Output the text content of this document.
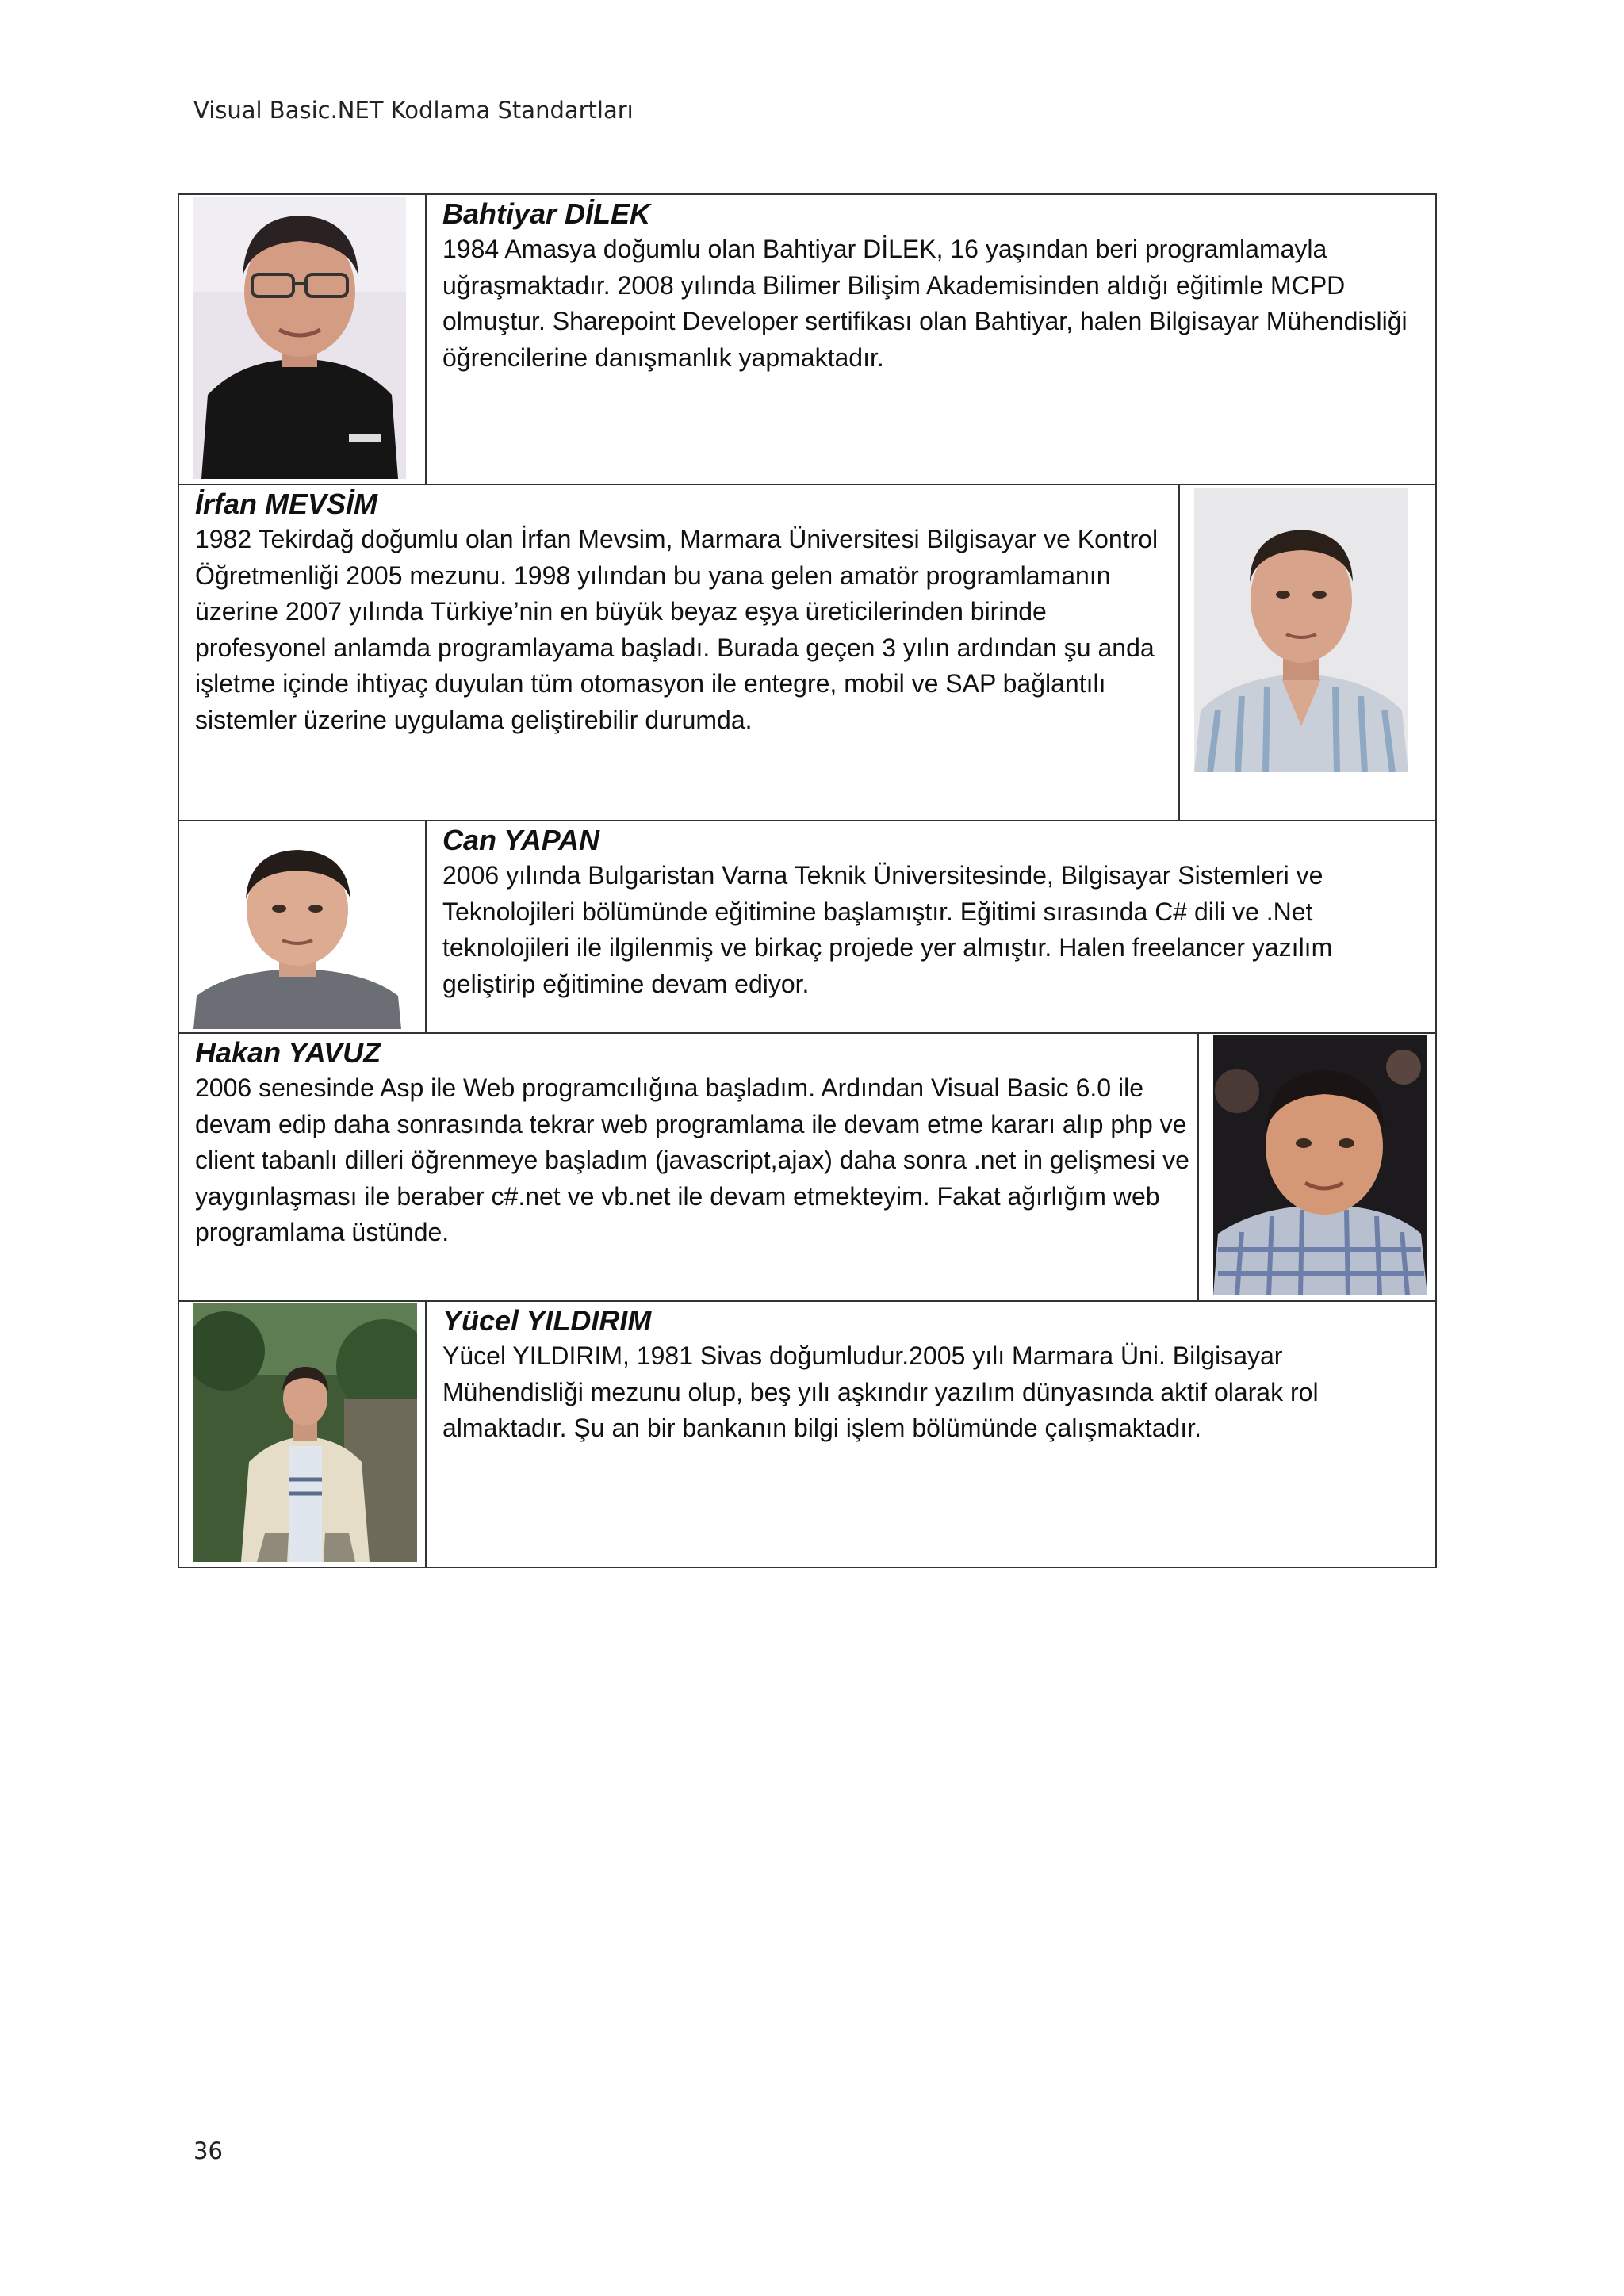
Visual Basic.NET Kodlama Standartları

Bahtiyar DİLEK

1984 Amasya doğumlu olan Bahtiyar DİLEK, 16 yaşından beri programlamayla uğraşmaktadır. 2008 yılında Bilimer Bilişim Akademisinden aldığı eğitimle MCPD olmuştur. Sharepoint Developer sertifikası olan Bahtiyar, halen Bilgisayar Mühendisliği öğrencilerine danışmanlık yapmaktadır.

İrfan MEVSİM

1982 Tekirdağ doğumlu olan İrfan Mevsim, Marmara Üniversitesi Bilgisayar ve Kontrol Öğretmenliği 2005 mezunu. 1998 yılından bu yana gelen amatör programlamanın üzerine 2007 yılında Türkiye’nin en büyük beyaz eşya üreticilerinden birinde profesyonel anlamda programlayama başladı. Burada geçen 3 yılın ardından şu anda işletme içinde ihtiyaç duyulan tüm otomasyon ile entegre, mobil ve SAP bağlantılı sistemler üzerine uygulama geliştirebilir durumda.

Can YAPAN

2006 yılında Bulgaristan Varna Teknik Üniversitesinde, Bilgisayar Sistemleri ve Teknolojileri bölümünde eğitimine başlamıştır. Eğitimi sırasında C# dili ve .Net teknolojileri ile ilgilenmiş ve birkaç projede yer almıştır. Halen freelancer yazılım geliştirip eğitimine devam ediyor.

Hakan YAVUZ

2006 senesinde Asp ile Web programcılığına başladım. Ardından Visual Basic 6.0 ile devam edip daha sonrasında tekrar web programlama ile devam etme kararı alıp php ve client tabanlı dilleri öğrenmeye başladım (javascript,ajax) daha sonra .net in gelişmesi ve yaygınlaşması ile beraber c#.net ve vb.net ile devam etmekteyim. Fakat ağırlığım web programlama üstünde.

Yücel YILDIRIM

Yücel YILDIRIM, 1981 Sivas doğumludur.2005 yılı Marmara Üni. Bilgisayar Mühendisliği mezunu olup, beş yılı aşkındır yazılım dünyasında aktif olarak rol almaktadır. Şu an bir bankanın bilgi işlem bölümünde çalışmaktadır.

36
